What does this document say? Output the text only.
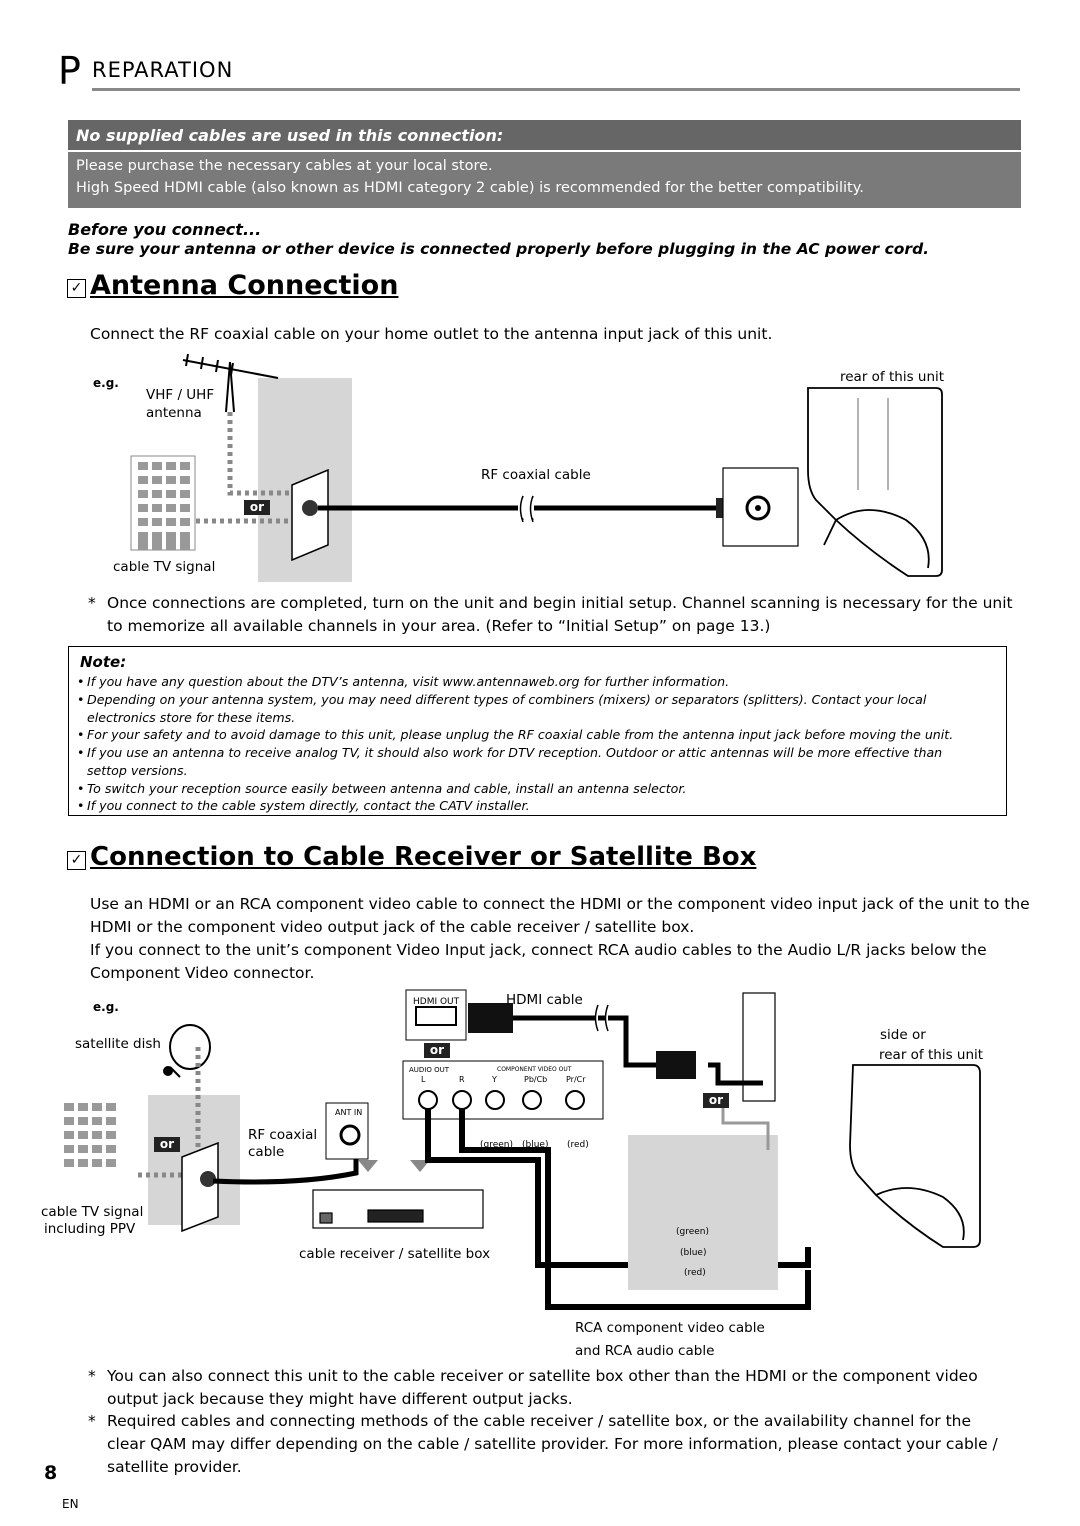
P REPARATION
No supplied cables are used in this connection:
Please purchase the necessary cables at your local store.
High Speed HDMI cable (also known as HDMI category 2 cable) is recommended for the better compatibility.
Before you connect...
Be sure your antenna or other device is connected properly before plugging in the AC power cord.
✓ Antenna Connection
Connect the RF coaxial cable on your home outlet to the antenna input jack of this unit.
or
e.g.
VHF / UHF
antenna
rear of this unit
RF coaxial cable
cable TV signal
* Once connections are completed, turn on the unit and begin initial setup. Channel scanning is necessary for the unit
to memorize all available channels in your area. (Refer to “Initial Setup” on page 13.)
Note:
• If you have any question about the DTV’s antenna, visit www.antennaweb.org for further information.
• Depending on your antenna system, you may need different types of combiners (mixers) or separators (splitters). Contact your local
electronics store for these items.
• For your safety and to avoid damage to this unit, please unplug the RF coaxial cable from the antenna input jack before moving the unit.
• If you use an antenna to receive analog TV, it should also work for DTV reception. Outdoor or attic antennas will be more effective than
settop versions.
• To switch your reception source easily between antenna and cable, install an antenna selector.
• If you connect to the cable system directly, contact the CATV installer.
✓ Connection to Cable Receiver or Satellite Box
Use an HDMI or an RCA component video cable to connect the HDMI or the component video input jack of the unit to the
HDMI or the component video output jack of the cable receiver / satellite box.
If you connect to the unit’s component Video Input jack, connect RCA audio cables to the Audio L/R jacks below the
Component Video connector.
or
or
or
e.g.
satellite dish
HDMI OUT	HDMI cable
side or
rear of this unit
AUDIO OUT	COMPONENT VIDEO OUT
L	R	Y	Pb/Cb Pr/Cr
ANT IN
RF coaxial
cable	(green) (blue) (red)
(green)
(blue)
(red)
cable TV signal
including PPV
cable receiver / satellite box
RCA component video cable
and RCA audio cable
* You can also connect this unit to the cable receiver or satellite box other than the HDMI or the component video
output jack because they might have different output jacks.
* Required cables and connecting methods of the cable receiver / satellite box, or the availability channel for the
clear QAM may differ depending on the cable / satellite provider. For more information, please contact your cable /
satellite provider.
8
EN
